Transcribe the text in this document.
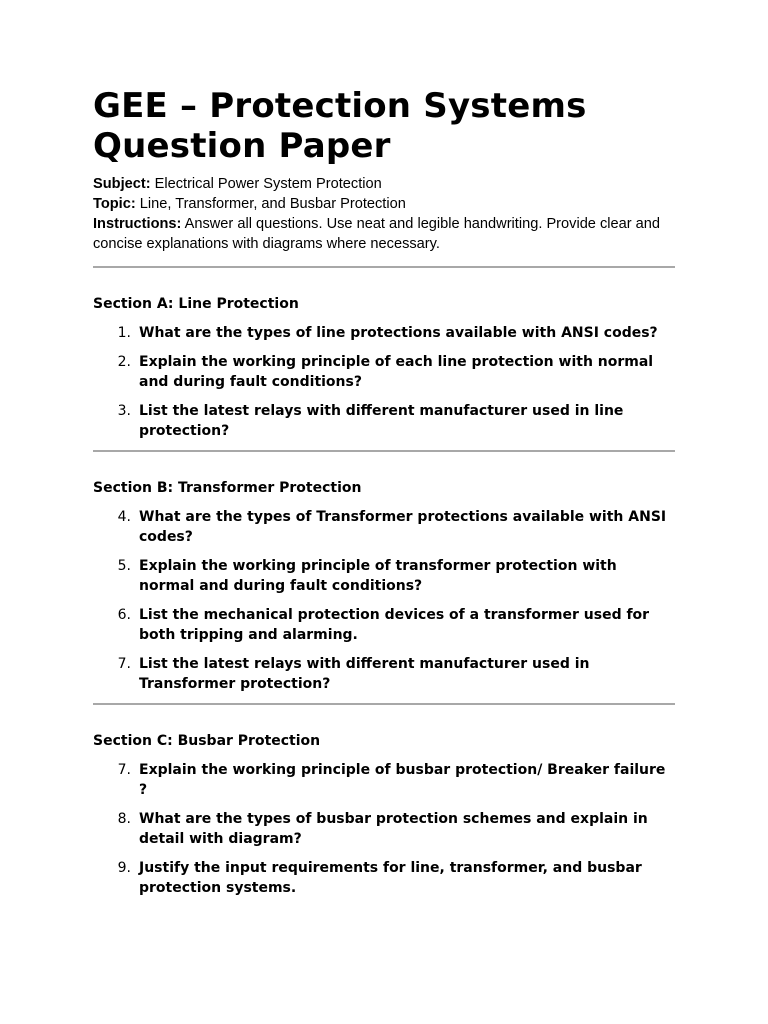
GEE – Protection Systems Question Paper
Subject: Electrical Power System Protection
Topic: Line, Transformer, and Busbar Protection
Instructions: Answer all questions. Use neat and legible handwriting. Provide clear and concise explanations with diagrams where necessary.
Section A: Line Protection
1. What are the types of line protections available with ANSI codes?
2. Explain the working principle of each line protection with normal and during fault conditions?
3. List the latest relays with different manufacturer used in line protection?
Section B: Transformer Protection
4. What are the types of Transformer protections available with ANSI codes?
5. Explain the working principle of transformer protection with normal and during fault conditions?
6. List the mechanical protection devices of a transformer used for both tripping and alarming.
7. List the latest relays with different manufacturer used in Transformer protection?
Section C: Busbar Protection
7. Explain the working principle of busbar protection/ Breaker failure ?
8. What are the types of busbar protection schemes and explain in detail with diagram?
9. Justify the input requirements for line, transformer, and busbar protection systems.
